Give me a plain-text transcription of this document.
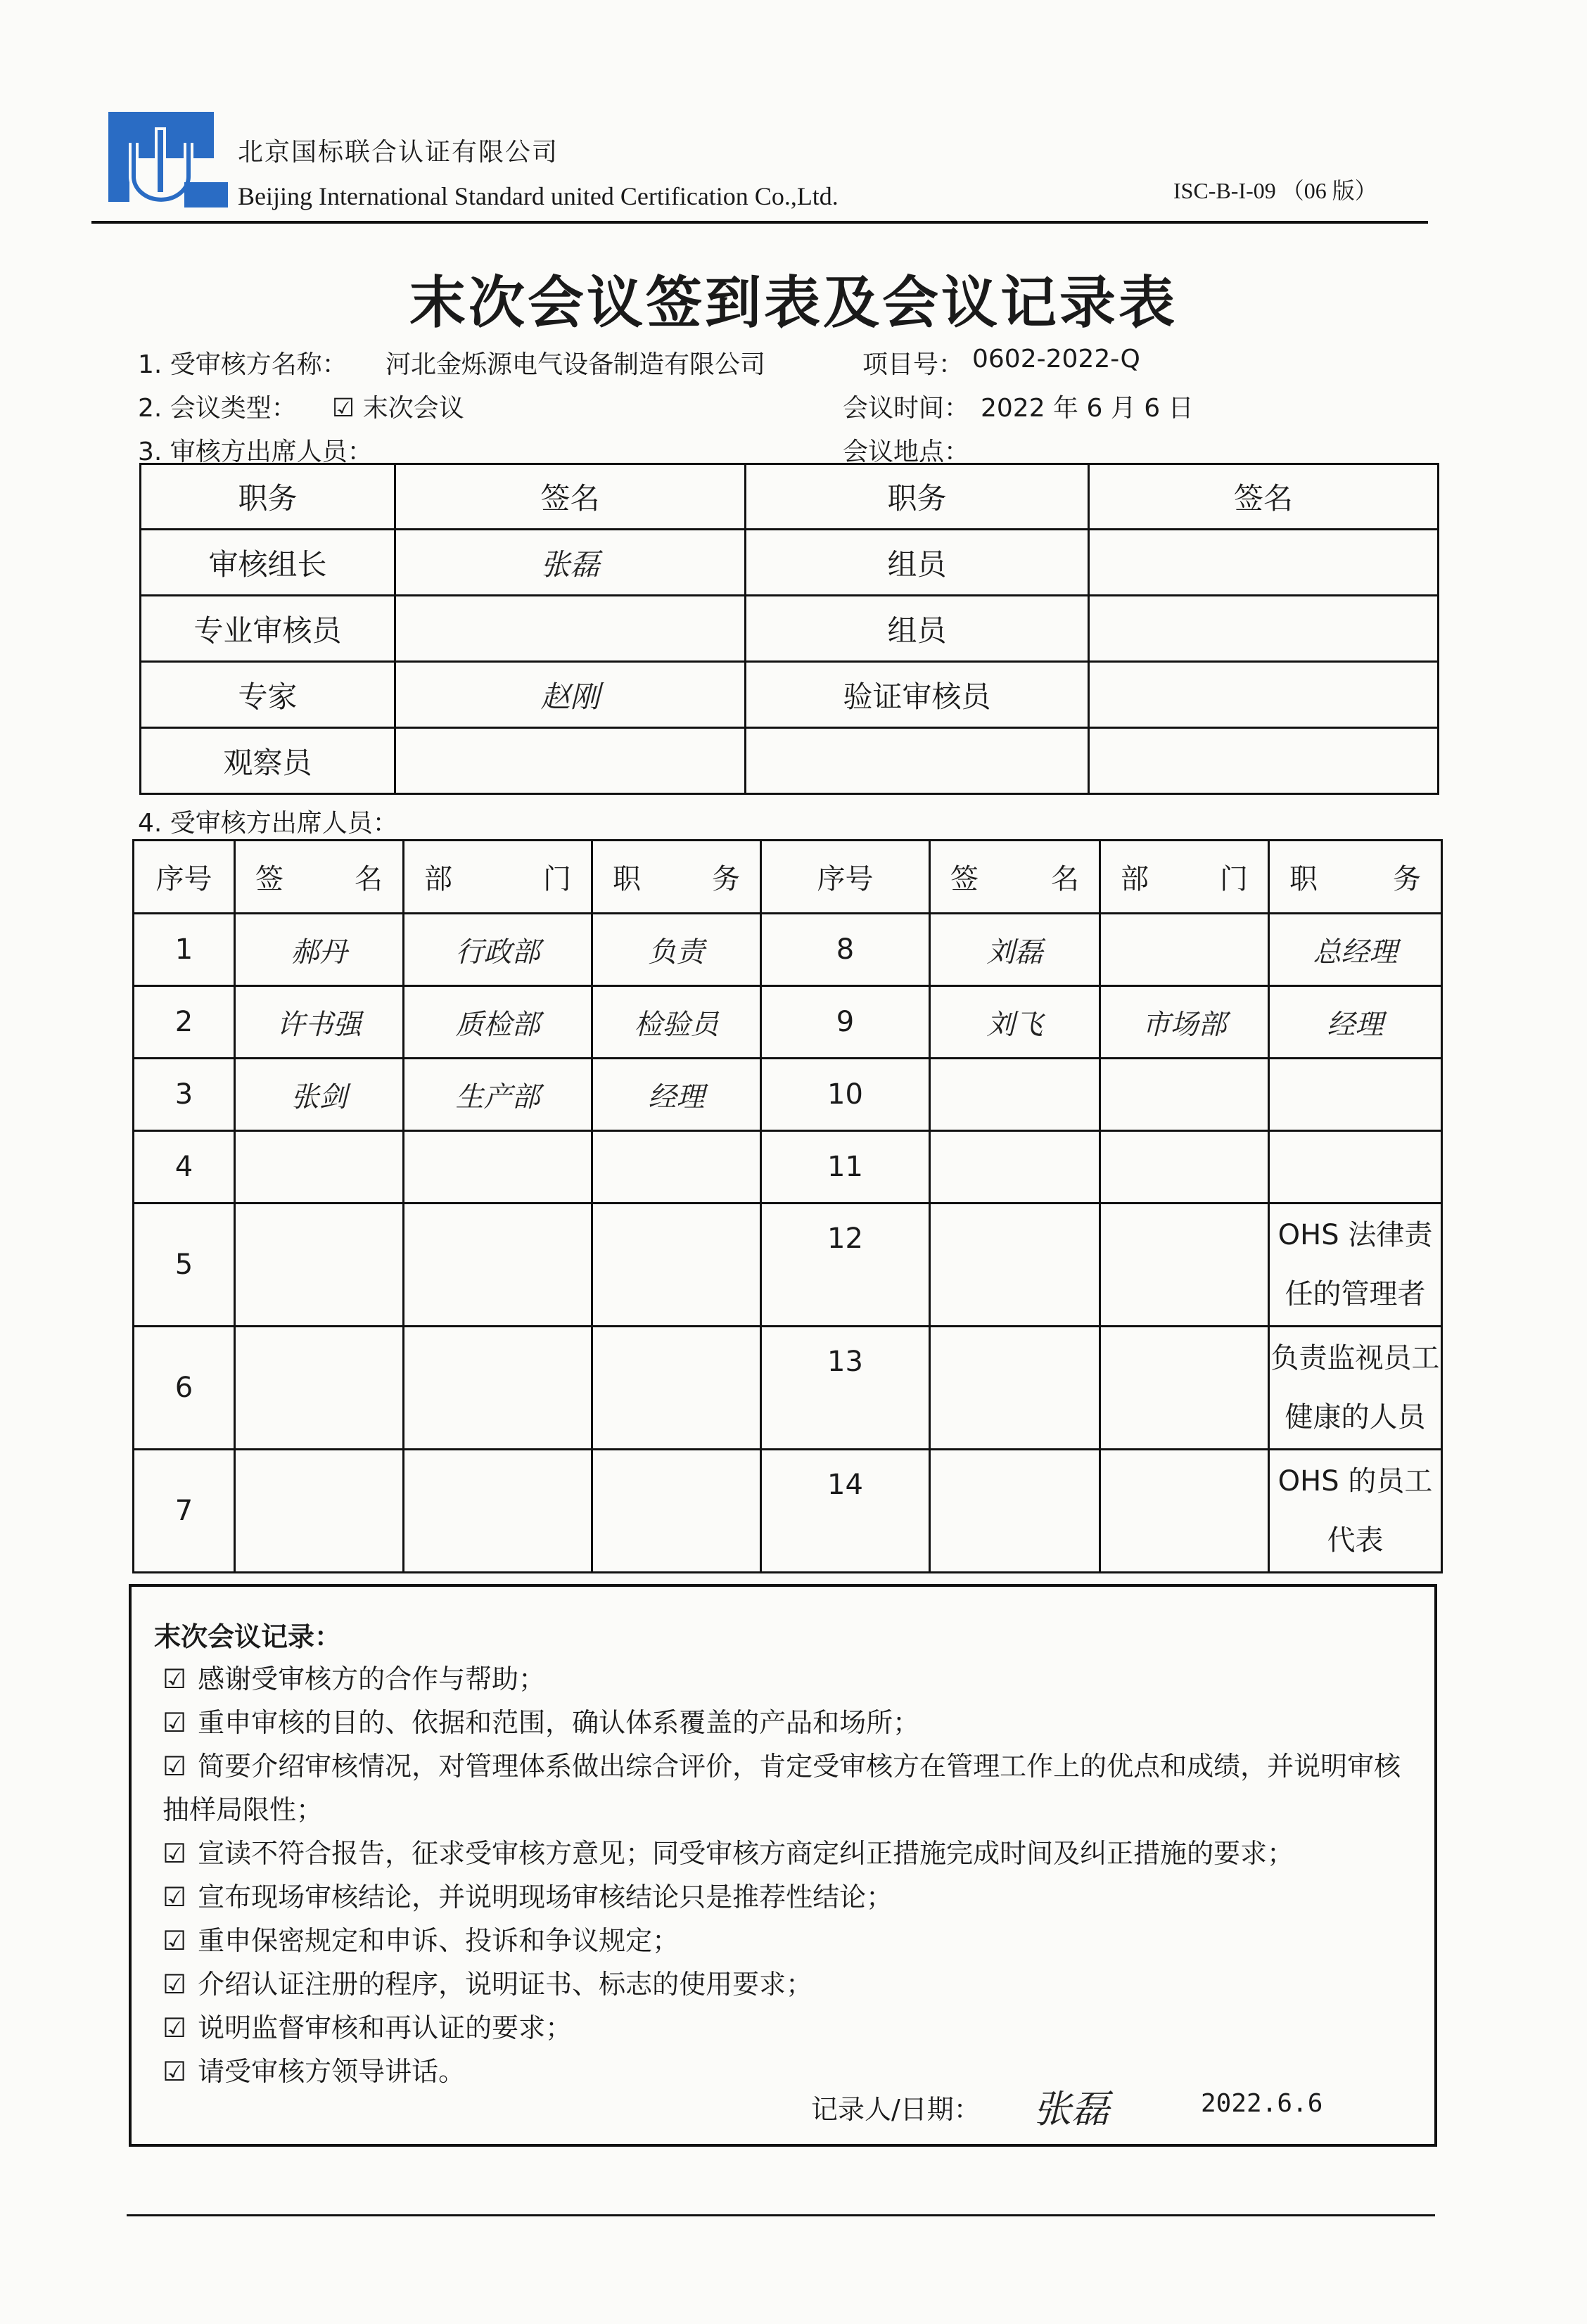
北京国标联合认证有限公司
Beijing International Standard united Certification Co.,Ltd.	ISC-B-I-09 （06 版）
末次会议签到表及会议记录表
1. 受审核方名称： 河北金烁源电气设备制造有限公司	项目号： 0602-2022-Q
2. 会议类型： ☑ 末次会议	会议时间： 2022 年 6 月 6 日
3. 审核方出席人员：	会议地点：
职务	签名	职务	签名
审核组长	张磊	组员	
专业审核员		组员	
专家	赵刚	验证审核员	
观察员			
4. 受审核方出席人员：
序号	签名	部门	职务	序号	签名	部门	职务
1	郝丹	行政部	负责	8	刘磊		总经理
2	许书强	质检部	检验员	9	刘飞	市场部	经理
3	张剑	生产部	经理	10			
4				11			
5				12			OHS 法律责任的管理者
6				13			负责监视员工健康的人员
7				14			OHS 的员工代表
末次会议记录：
☑ 感谢受审核方的合作与帮助；
☑ 重申审核的目的、依据和范围，确认体系覆盖的产品和场所；
☑ 简要介绍审核情况，对管理体系做出综合评价，肯定受审核方在管理工作上的优点和成绩，并说明审核抽样局限性；
☑ 宣读不符合报告，征求受审核方意见；同受审核方商定纠正措施完成时间及纠正措施的要求；
☑ 宣布现场审核结论，并说明现场审核结论只是推荐性结论；
☑ 重申保密规定和申诉、投诉和争议规定；
☑ 介绍认证注册的程序，说明证书、标志的使用要求；
☑ 说明监督审核和再认证的要求；
☑ 请受审核方领导讲话。
记录人/日期： 张磊	2022.6.6
